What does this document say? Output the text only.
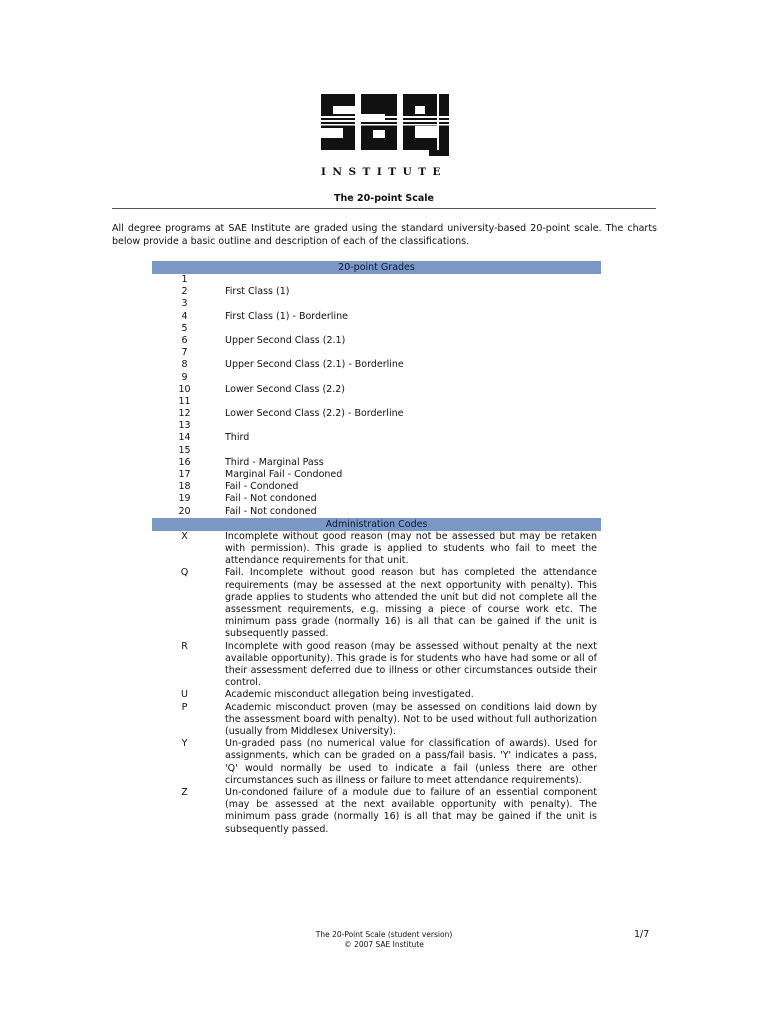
INSTITUTE
The 20-point Scale
All degree programs at SAE Institute are graded using the standard university-based 20-point scale. The charts below provide a basic outline and description of each of the classifications.
20-point Grades
1
2	First Class (1)
3
4	First Class (1) - Borderline
5
6	Upper Second Class (2.1)
7
8	Upper Second Class (2.1) - Borderline
9
10	Lower Second Class (2.2)
11
12	Lower Second Class (2.2) - Borderline
13
14	Third
15
16	Third - Marginal Pass
17	Marginal Fail - Condoned
18	Fail - Condoned
19	Fail - Not condoned
20	Fail - Not condoned
Administration Codes
X	Incomplete without good reason (may not be assessed but may be retaken with permission). This grade is applied to students who fail to meet the attendance requirements for that unit.
Q	Fail. Incomplete without good reason but has completed the attendance requirements (may be assessed at the next opportunity with penalty). This grade applies to students who attended the unit but did not complete all the assessment requirements, e.g. missing a piece of course work etc. The minimum pass grade (normally 16) is all that can be gained if the unit is subsequently passed.
R	Incomplete with good reason (may be assessed without penalty at the next available opportunity). This grade is for students who have had some or all of their assessment deferred due to illness or other circumstances outside their control.
U	Academic misconduct allegation being investigated.
P	Academic misconduct proven (may be assessed on conditions laid down by the assessment board with penalty). Not to be used without full authorization (usually from Middlesex University).
Y	Un-graded pass (no numerical value for classification of awards). Used for assignments, which can be graded on a pass/fail basis. 'Y' indicates a pass, 'Q' would normally be used to indicate a fail (unless there are other circumstances such as illness or failure to meet attendance requirements).
Z	Un-condoned failure of a module due to failure of an essential component (may be assessed at the next available opportunity with penalty). The minimum pass grade (normally 16) is all that may be gained if the unit is subsequently passed.
The 20-Point Scale (student version)
© 2007 SAE Institute
1/7
